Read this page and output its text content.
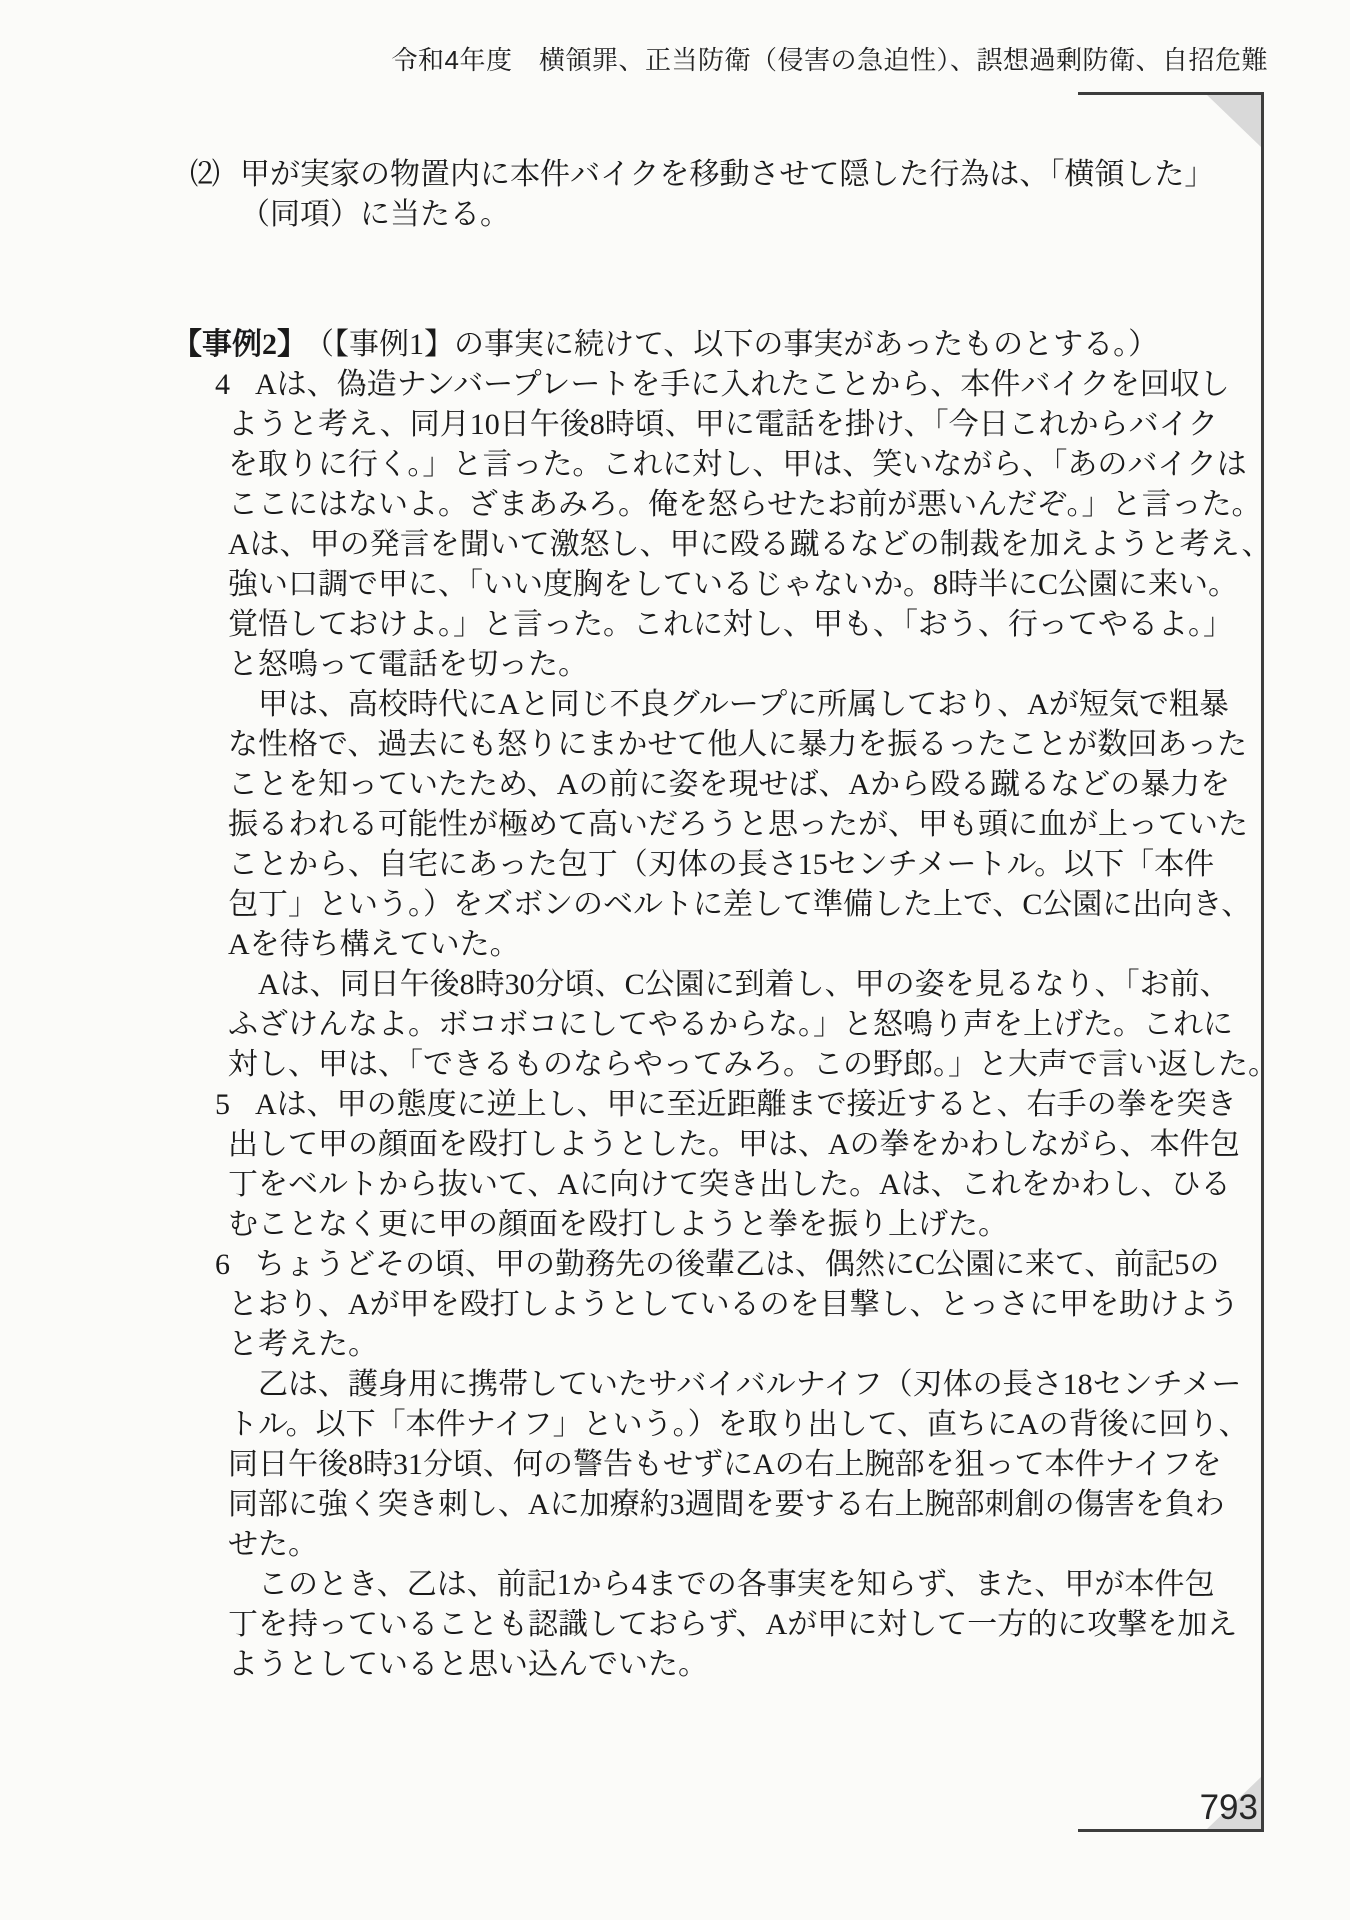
令和4年度　横領罪、正当防衛（侵害の急迫性）、誤想過剰防衛、自招危難
793
⑵ 甲が実家の物置内に本件バイクを移動させて隠した行為は、「横領した」
（同項）に当たる。
【事例2】 （【事例1】の事実に続けて、以下の事実があったものとする。）
4 Aは、偽造ナンバープレートを手に入れたことから、本件バイクを回収し
ようと考え、同月10日午後8時頃、甲に電話を掛け、「今日これからバイク
を取りに行く。」と言った。これに対し、甲は、笑いながら、「あのバイクは
ここにはないよ。ざまあみろ。俺を怒らせたお前が悪いんだぞ。」と言った。
Aは、甲の発言を聞いて激怒し、甲に殴る蹴るなどの制裁を加えようと考え、
強い口調で甲に、「いい度胸をしているじゃないか。8時半にC公園に来い。
覚悟しておけよ。」と言った。これに対し、甲も、「おう、行ってやるよ。」
と怒鳴って電話を切った。
甲は、高校時代にAと同じ不良グループに所属しており、Aが短気で粗暴
な性格で、過去にも怒りにまかせて他人に暴力を振るったことが数回あった
ことを知っていたため、Aの前に姿を現せば、Aから殴る蹴るなどの暴力を
振るわれる可能性が極めて高いだろうと思ったが、甲も頭に血が上っていた
ことから、自宅にあった包丁（刃体の長さ15センチメートル。以下「本件
包丁」という。）をズボンのベルトに差して準備した上で、C公園に出向き、
Aを待ち構えていた。
Aは、同日午後8時30分頃、C公園に到着し、甲の姿を見るなり、「お前、
ふざけんなよ。ボコボコにしてやるからな。」と怒鳴り声を上げた。これに
対し、甲は、「できるものならやってみろ。この野郎。」と大声で言い返した。
5 Aは、甲の態度に逆上し、甲に至近距離まで接近すると、右手の拳を突き
出して甲の顔面を殴打しようとした。甲は、Aの拳をかわしながら、本件包
丁をベルトから抜いて、Aに向けて突き出した。Aは、これをかわし、ひる
むことなく更に甲の顔面を殴打しようと拳を振り上げた。
6 ちょうどその頃、甲の勤務先の後輩乙は、偶然にC公園に来て、前記5の
とおり、Aが甲を殴打しようとしているのを目撃し、とっさに甲を助けよう
と考えた。
乙は、護身用に携帯していたサバイバルナイフ（刃体の長さ18センチメー
トル。以下「本件ナイフ」という。）を取り出して、直ちにAの背後に回り、
同日午後8時31分頃、何の警告もせずにAの右上腕部を狙って本件ナイフを
同部に強く突き刺し、Aに加療約3週間を要する右上腕部刺創の傷害を負わ
せた。
このとき、乙は、前記1から4までの各事実を知らず、また、甲が本件包
丁を持っていることも認識しておらず、Aが甲に対して一方的に攻撃を加え
ようとしていると思い込んでいた。
